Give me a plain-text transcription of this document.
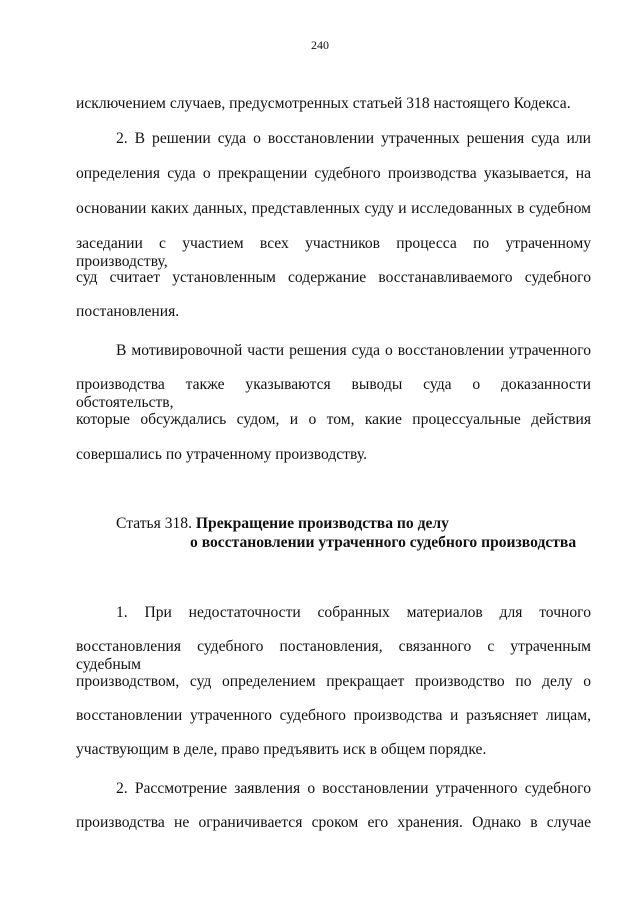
240
исключением случаев, предусмотренных статьей 318 настоящего Кодекса.
2. В решении суда о восстановлении утраченных решения суда или
определения суда о прекращении судебного производства указывается, на
основании каких данных, представленных суду и исследованных в судебном
заседании с участием всех участников процесса по утраченному производству,
суд считает установленным содержание восстанавливаемого судебного
постановления.
В мотивировочной части решения суда о восстановлении утраченного
производства также указываются выводы суда о доказанности обстоятельств,
которые обсуждались судом, и о том, какие процессуальные действия
совершались по утраченному производству.
Статья 318. Прекращение производства по делу
о восстановлении утраченного судебного производства
1. При недостаточности собранных материалов для точного
восстановления судебного постановления, связанного с утраченным судебным
производством, суд определением прекращает производство по делу о
восстановлении утраченного судебного производства и разъясняет лицам,
участвующим в деле, право предъявить иск в общем порядке.
2. Рассмотрение заявления о восстановлении утраченного судебного
производства не ограничивается сроком его хранения. Однако в случае
